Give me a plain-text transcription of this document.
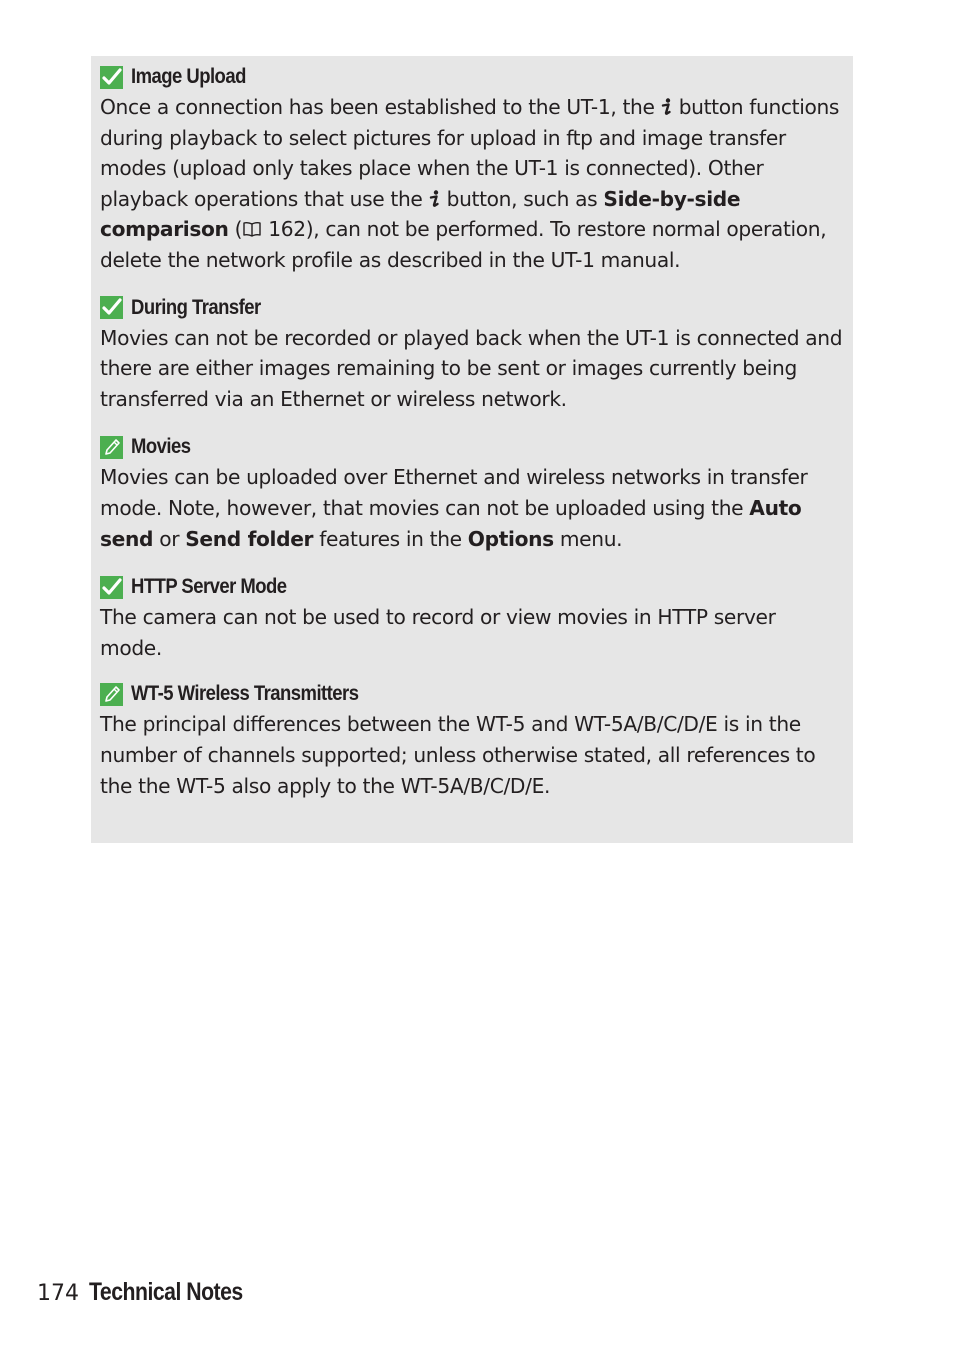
Image Upload

Once a connection has been established to the UT-1, the  button functions during playback to select pictures for upload in ftp and image transfer modes (upload only takes place when the UT-1 is connected). Other playback operations that use the  button, such as Side-by-side comparison ( 162), can not be performed. To restore normal operation, delete the network profile as described in the UT-1 manual.

During Transfer

Movies can not be recorded or played back when the UT-1 is connected and there are either images remaining to be sent or images currently being transferred via an Ethernet or wireless network.

Movies

Movies can be uploaded over Ethernet and wireless networks in transfer mode. Note, however, that movies can not be uploaded using the Auto send or Send folder features in the Options menu.

HTTP Server Mode

The camera can not be used to record or view movies in HTTP server mode.

WT-5 Wireless Transmitters

The principal differences between the WT-5 and WT-5A/B/C/D/E is in the number of channels supported; unless otherwise stated, all references to the the WT-5 also apply to the WT-5A/B/C/D/E.

174 Technical Notes
